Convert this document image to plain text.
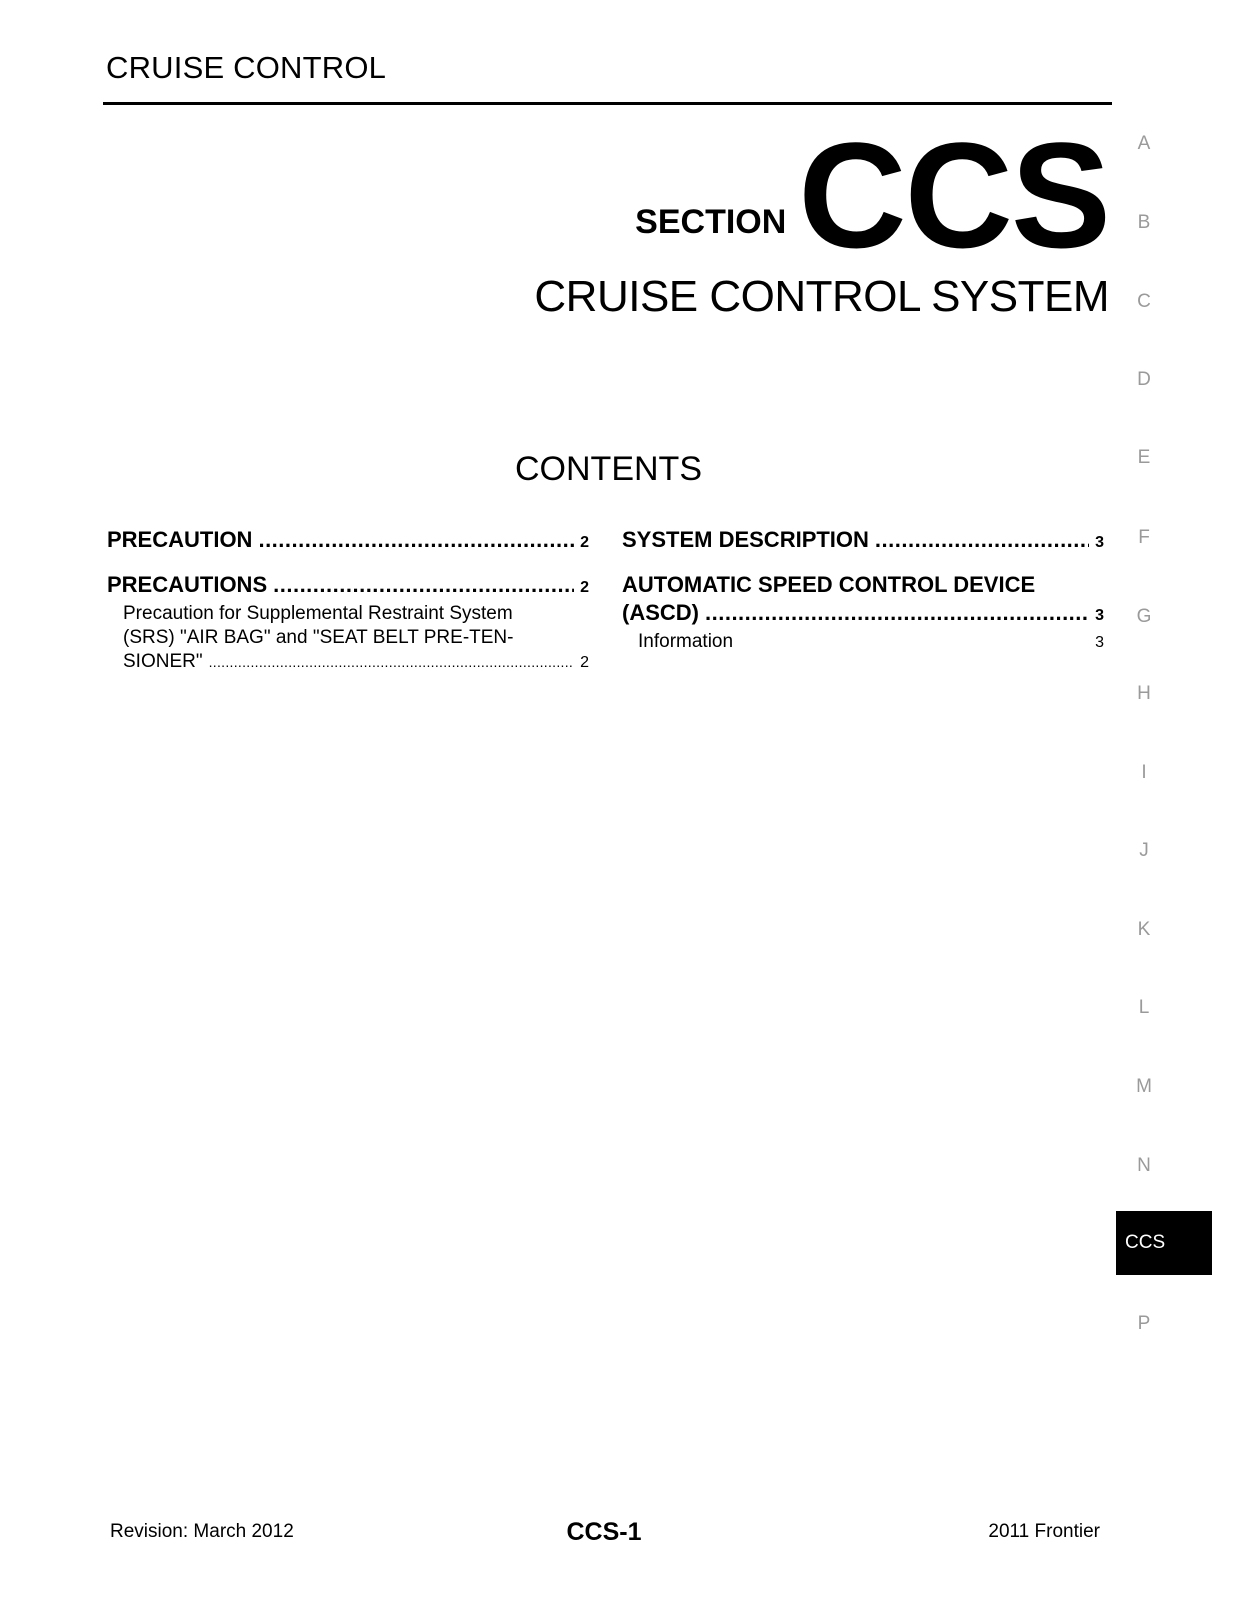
CRUISE CONTROL
SECTION CCS
CRUISE CONTROL SYSTEM
CONTENTS
PRECAUTION .....	2
PRECAUTIONS .....	2
Precaution for Supplemental Restraint System
(SRS) "AIR BAG" and "SEAT BELT PRE-TEN-
SIONER" .....	2
SYSTEM DESCRIPTION .....	3
AUTOMATIC SPEED CONTROL DEVICE
(ASCD) .....	3
Information	3
A
B
C
D
E
F
G
H
I
J
K
L
M
N
CCS
P
Revision: March 2012	CCS-1	2011 Frontier
